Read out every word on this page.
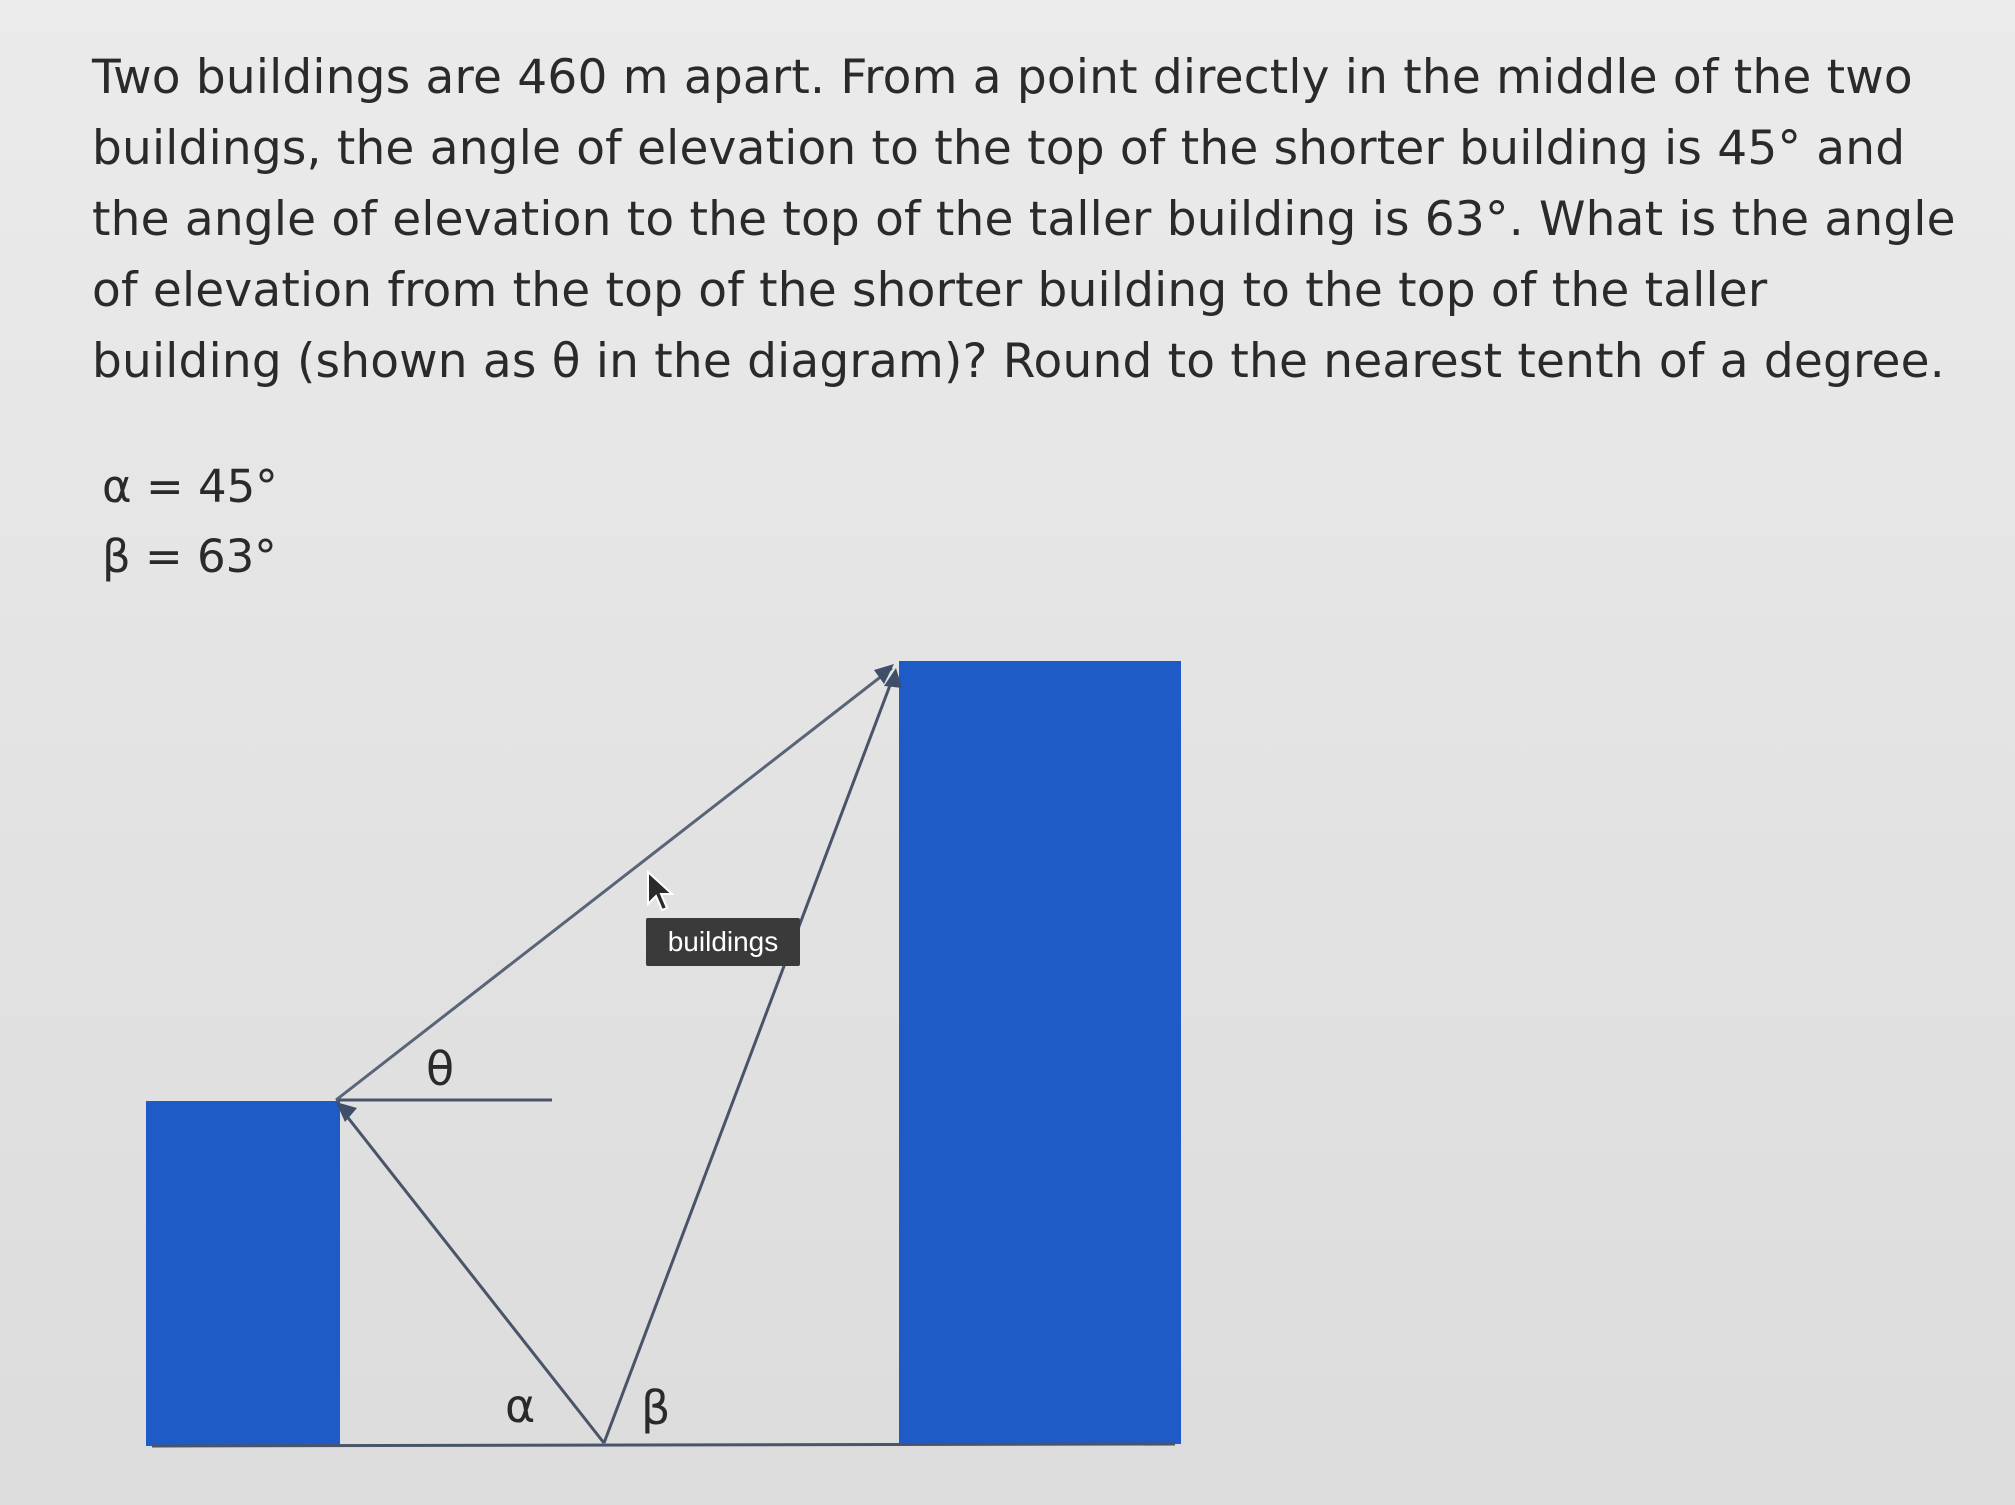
Two buildings are 460 m apart. From a point directly in the middle of the two buildings, the angle of elevation to the top of the shorter building is 45° and the angle of elevation to the top of the taller building is 63°. What is the angle of elevation from the top of the shorter building to the top of the taller building (shown as θ in the diagram)? Round to the nearest tenth of a degree.

α = 45°
β = 63°
θ
α β
buildings
